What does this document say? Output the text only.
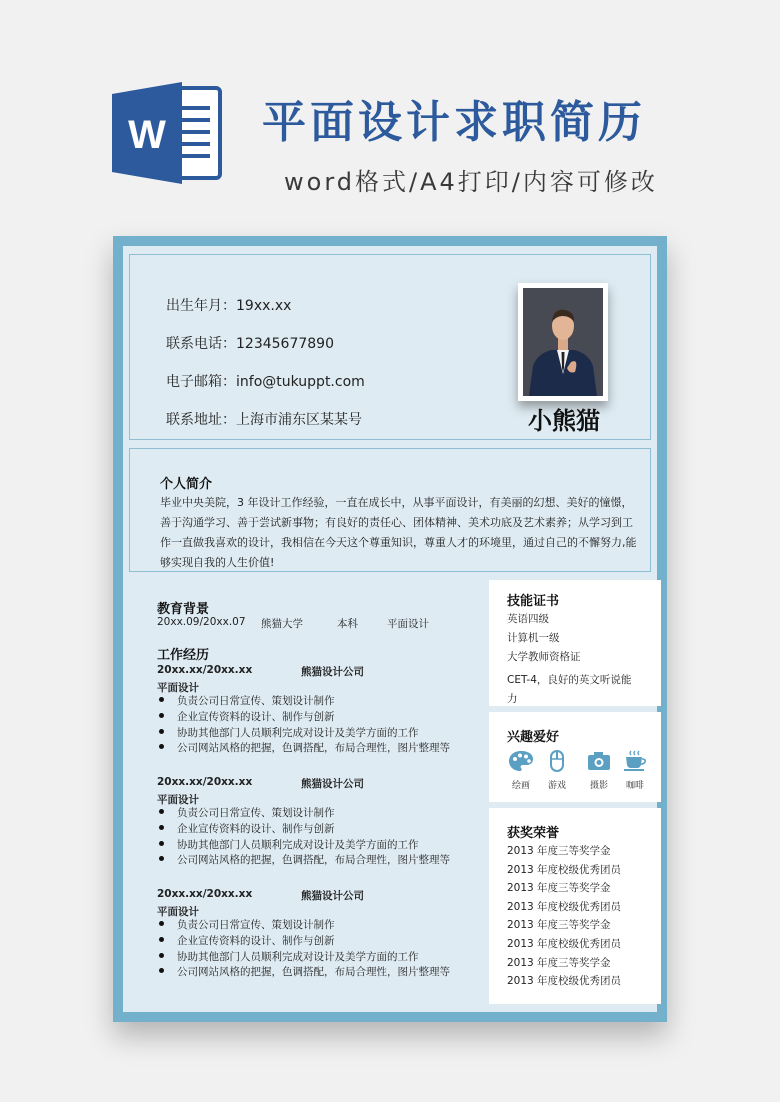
W 平面设计求职简历
word格式/A4打印/内容可修改
出生年月：19xx.xx
联系电话：12345677890
电子邮箱：info@tukuppt.com
联系地址：上海市浦东区某某号	小熊猫
个人简介
毕业中央美院，3 年设计工作经验，一直在成长中，从事平面设计，有美丽的幻想、美好的憧憬，善于沟通学习、善于尝试新事物；有良好的责任心、团体精神、美术功底及艺术素养；从学习到工作一直做我喜欢的设计，我相信在今天这个尊重知识，尊重人才的环境里，通过自己的不懈努力,能够实现自我的人生价值!
教育背景
20xx.09/20xx.07 熊猫大学	本科	平面设计
工作经历
20xx.xx/20xx.xx	熊猫设计公司
平面设计
负责公司日常宣传、策划设计制作
企业宣传资料的设计、制作与创新
协助其他部门人员顺利完成对设计及美学方面的工作
公司网站风格的把握，色调搭配，布局合理性，图片整理等
20xx.xx/20xx.xx	熊猫设计公司
平面设计
负责公司日常宣传、策划设计制作
企业宣传资料的设计、制作与创新
协助其他部门人员顺利完成对设计及美学方面的工作
公司网站风格的把握，色调搭配，布局合理性，图片整理等
20xx.xx/20xx.xx	熊猫设计公司
平面设计
负责公司日常宣传、策划设计制作
企业宣传资料的设计、制作与创新
协助其他部门人员顺利完成对设计及美学方面的工作
公司网站风格的把握，色调搭配，布局合理性，图片整理等
技能证书
英语四级
计算机一级
大学教师资格证
CET-4，良好的英文听说能
力
兴趣爱好
绘画	游戏	摄影	咖啡
获奖荣誉
2013 年度三等奖学金
2013 年度校级优秀团员
2013 年度三等奖学金
2013 年度校级优秀团员
2013 年度三等奖学金
2013 年度校级优秀团员
2013 年度三等奖学金
2013 年度校级优秀团员
